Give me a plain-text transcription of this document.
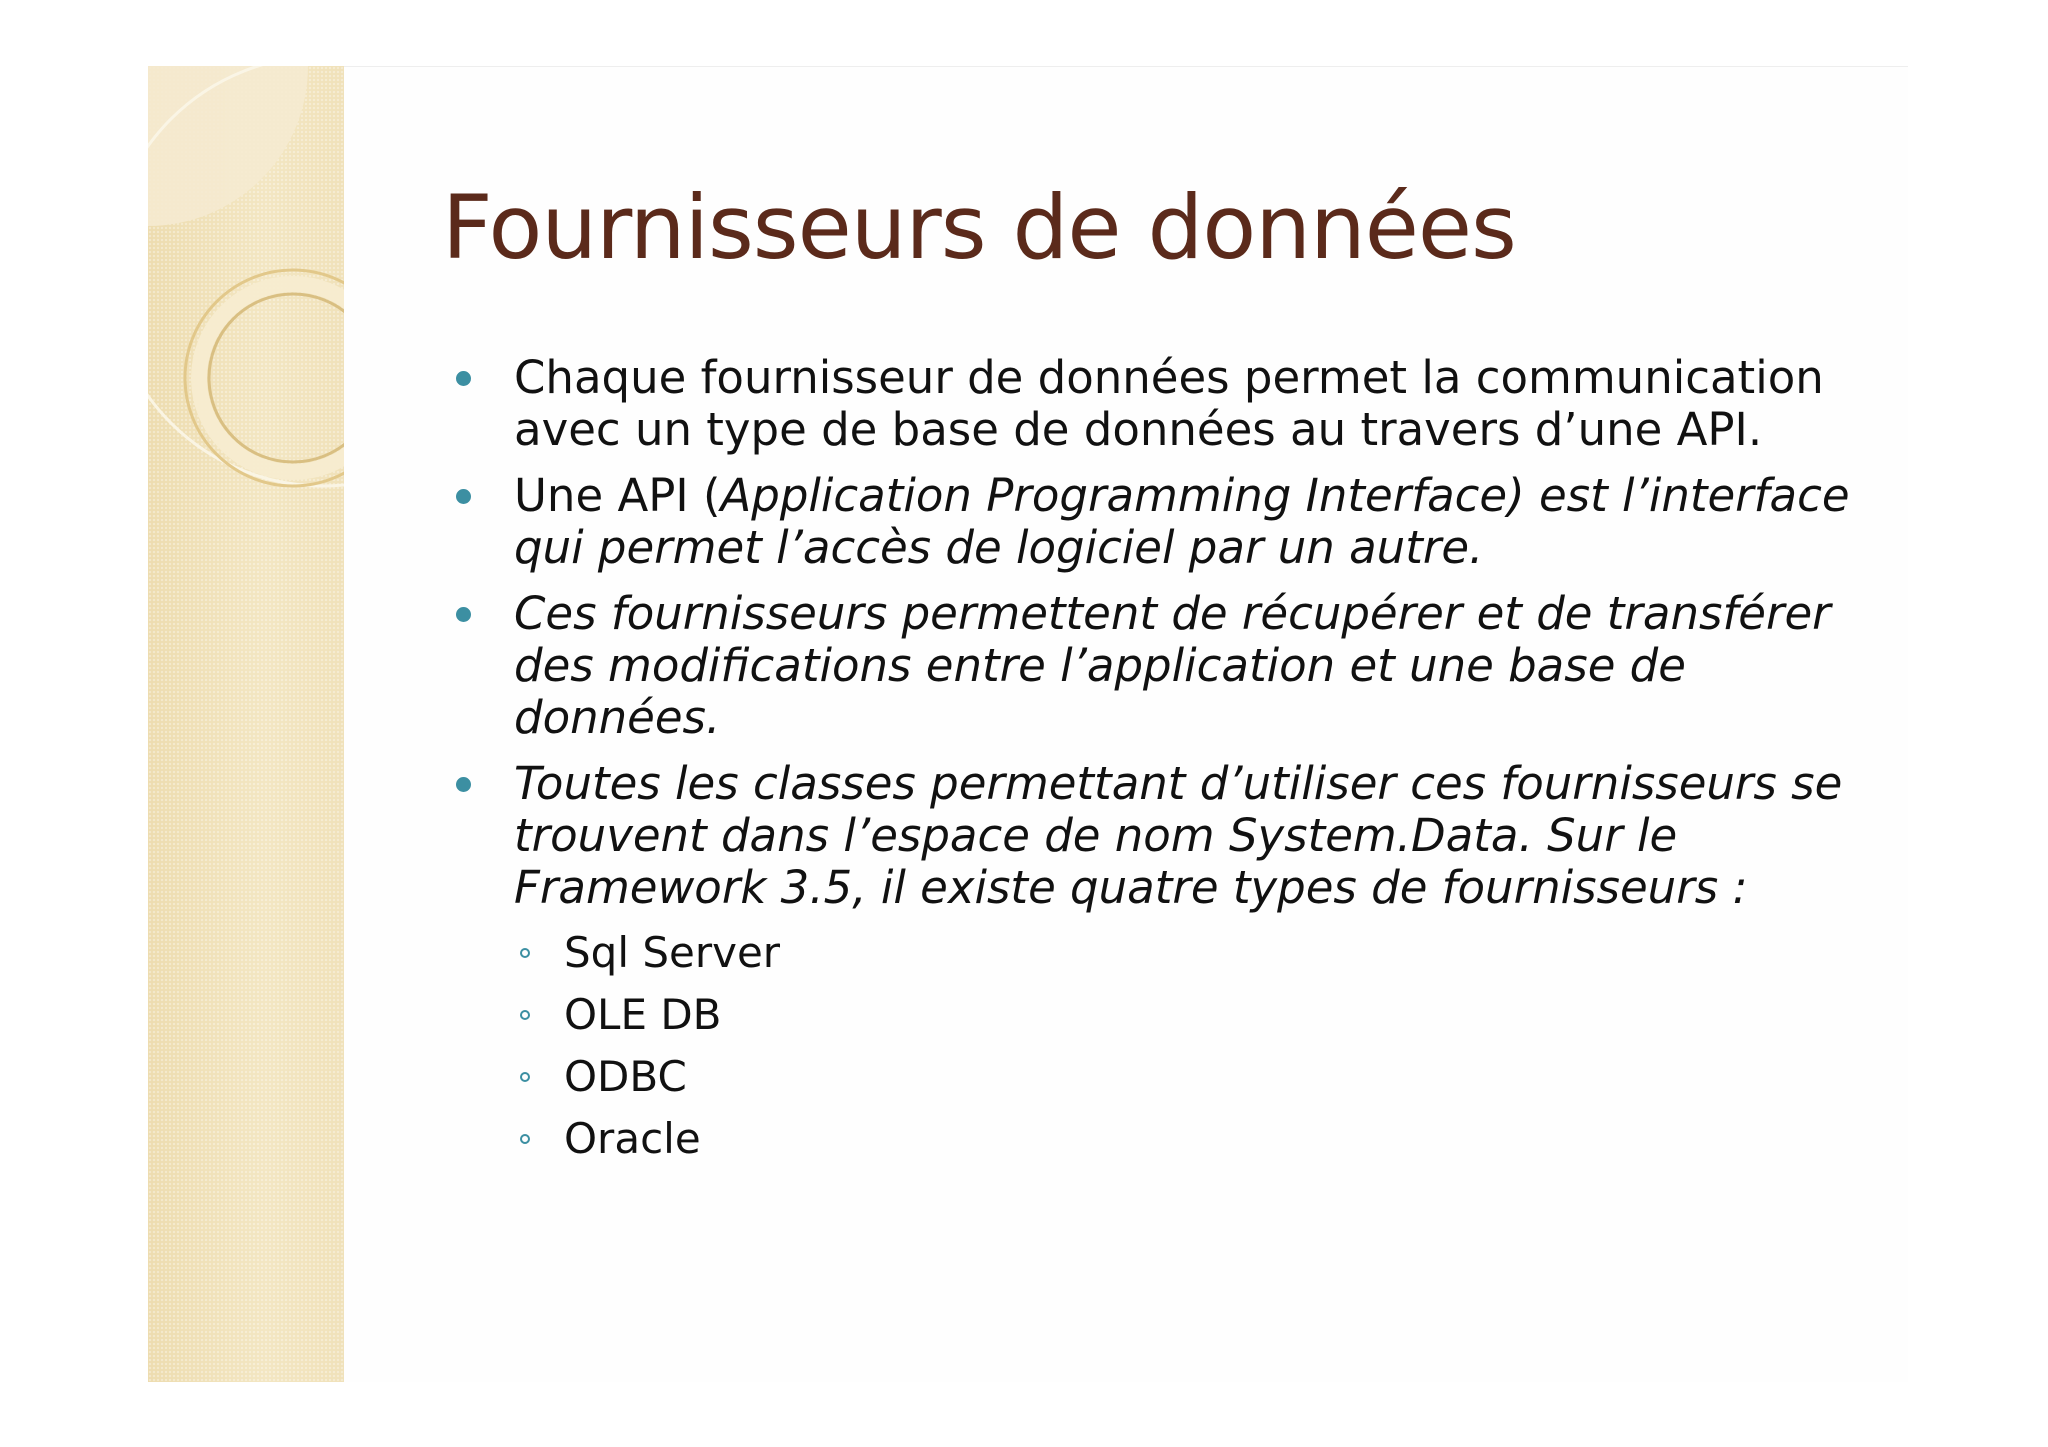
Fournisseurs de données
Chaque fournisseur de données permet la communication avec un type de base de données au travers d’une API.
Une API (Application Programming Interface) est l’interface qui permet l’accès de logiciel par un autre.
Ces fournisseurs permettent de récupérer et de transférer des modifications entre l’application et une base de données.
Toutes les classes permettant d’utiliser ces fournisseurs se trouvent dans l’espace de nom System.Data. Sur le Framework 3.5, il existe quatre types de fournisseurs :
Sql Server
OLE DB
ODBC
Oracle
